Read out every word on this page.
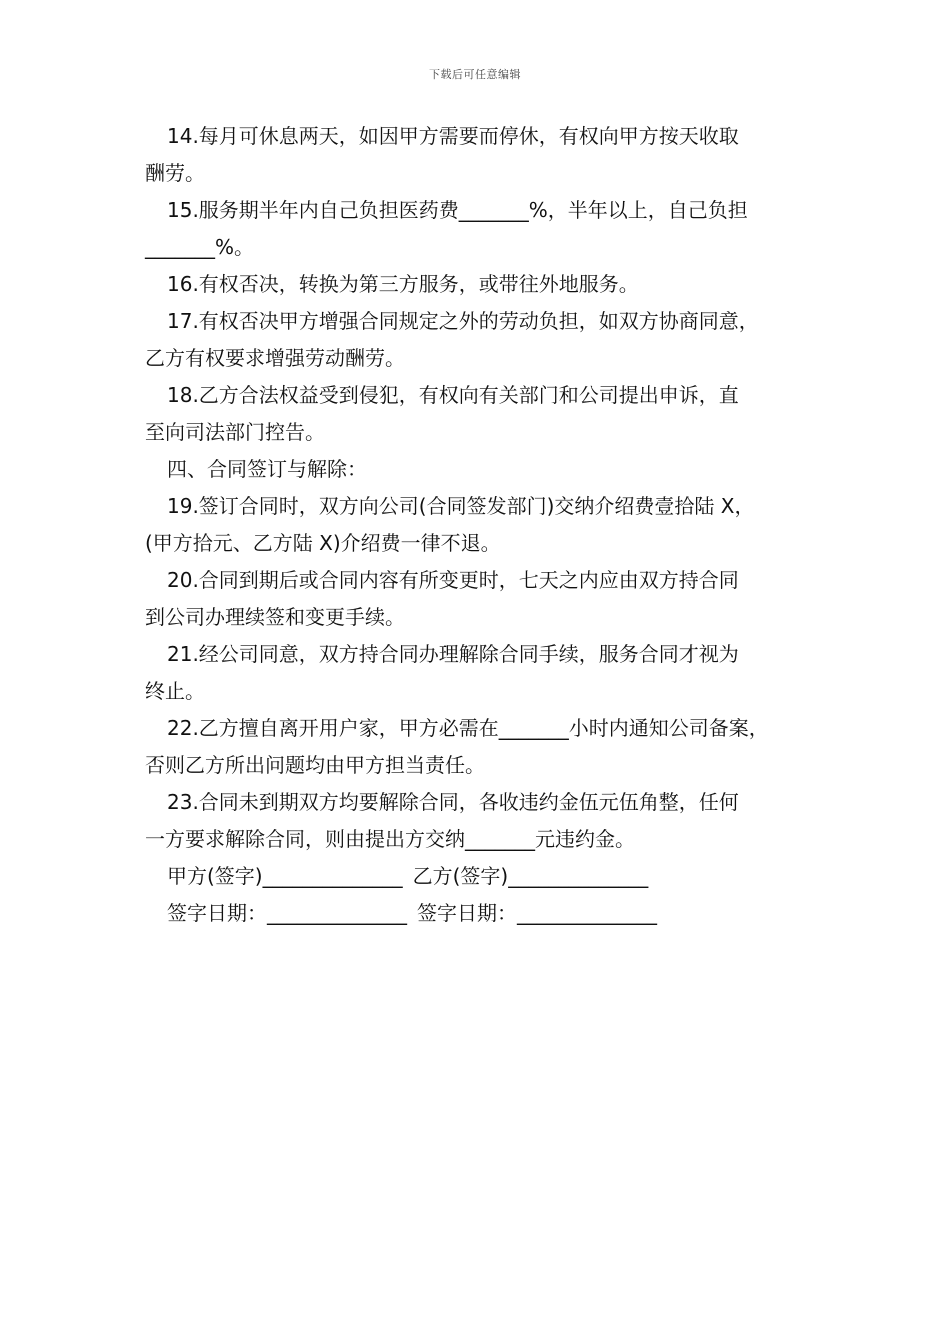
下载后可任意编辑
14.每月可休息两天，如因甲方需要而停休，有权向甲方按天收取
酬劳。
15.服务期半年内自己负担医药费_______%，半年以上，自己负担
_______%。
16.有权否决，转换为第三方服务，或带往外地服务。
17.有权否决甲方增强合同规定之外的劳动负担，如双方协商同意，
乙方有权要求增强劳动酬劳。
18.乙方合法权益受到侵犯，有权向有关部门和公司提出申诉，直
至向司法部门控告。
四、合同签订与解除：
19.签订合同时，双方向公司(合同签发部门)交纳介绍费壹拾陆 X，
(甲方拾元、乙方陆 X)介绍费一律不退。
20.合同到期后或合同内容有所变更时，七天之内应由双方持合同
到公司办理续签和变更手续。
21.经公司同意，双方持合同办理解除合同手续，服务合同才视为
终止。
22.乙方擅自离开用户家，甲方必需在_______小时内通知公司备案，
否则乙方所出问题均由甲方担当责任。
23.合同未到期双方均要解除合同，各收违约金伍元伍角整，任何
一方要求解除合同，则由提出方交纳_______元违约金。
甲方(签字)______________ 乙方(签字)______________
签字日期：______________ 签字日期：______________
